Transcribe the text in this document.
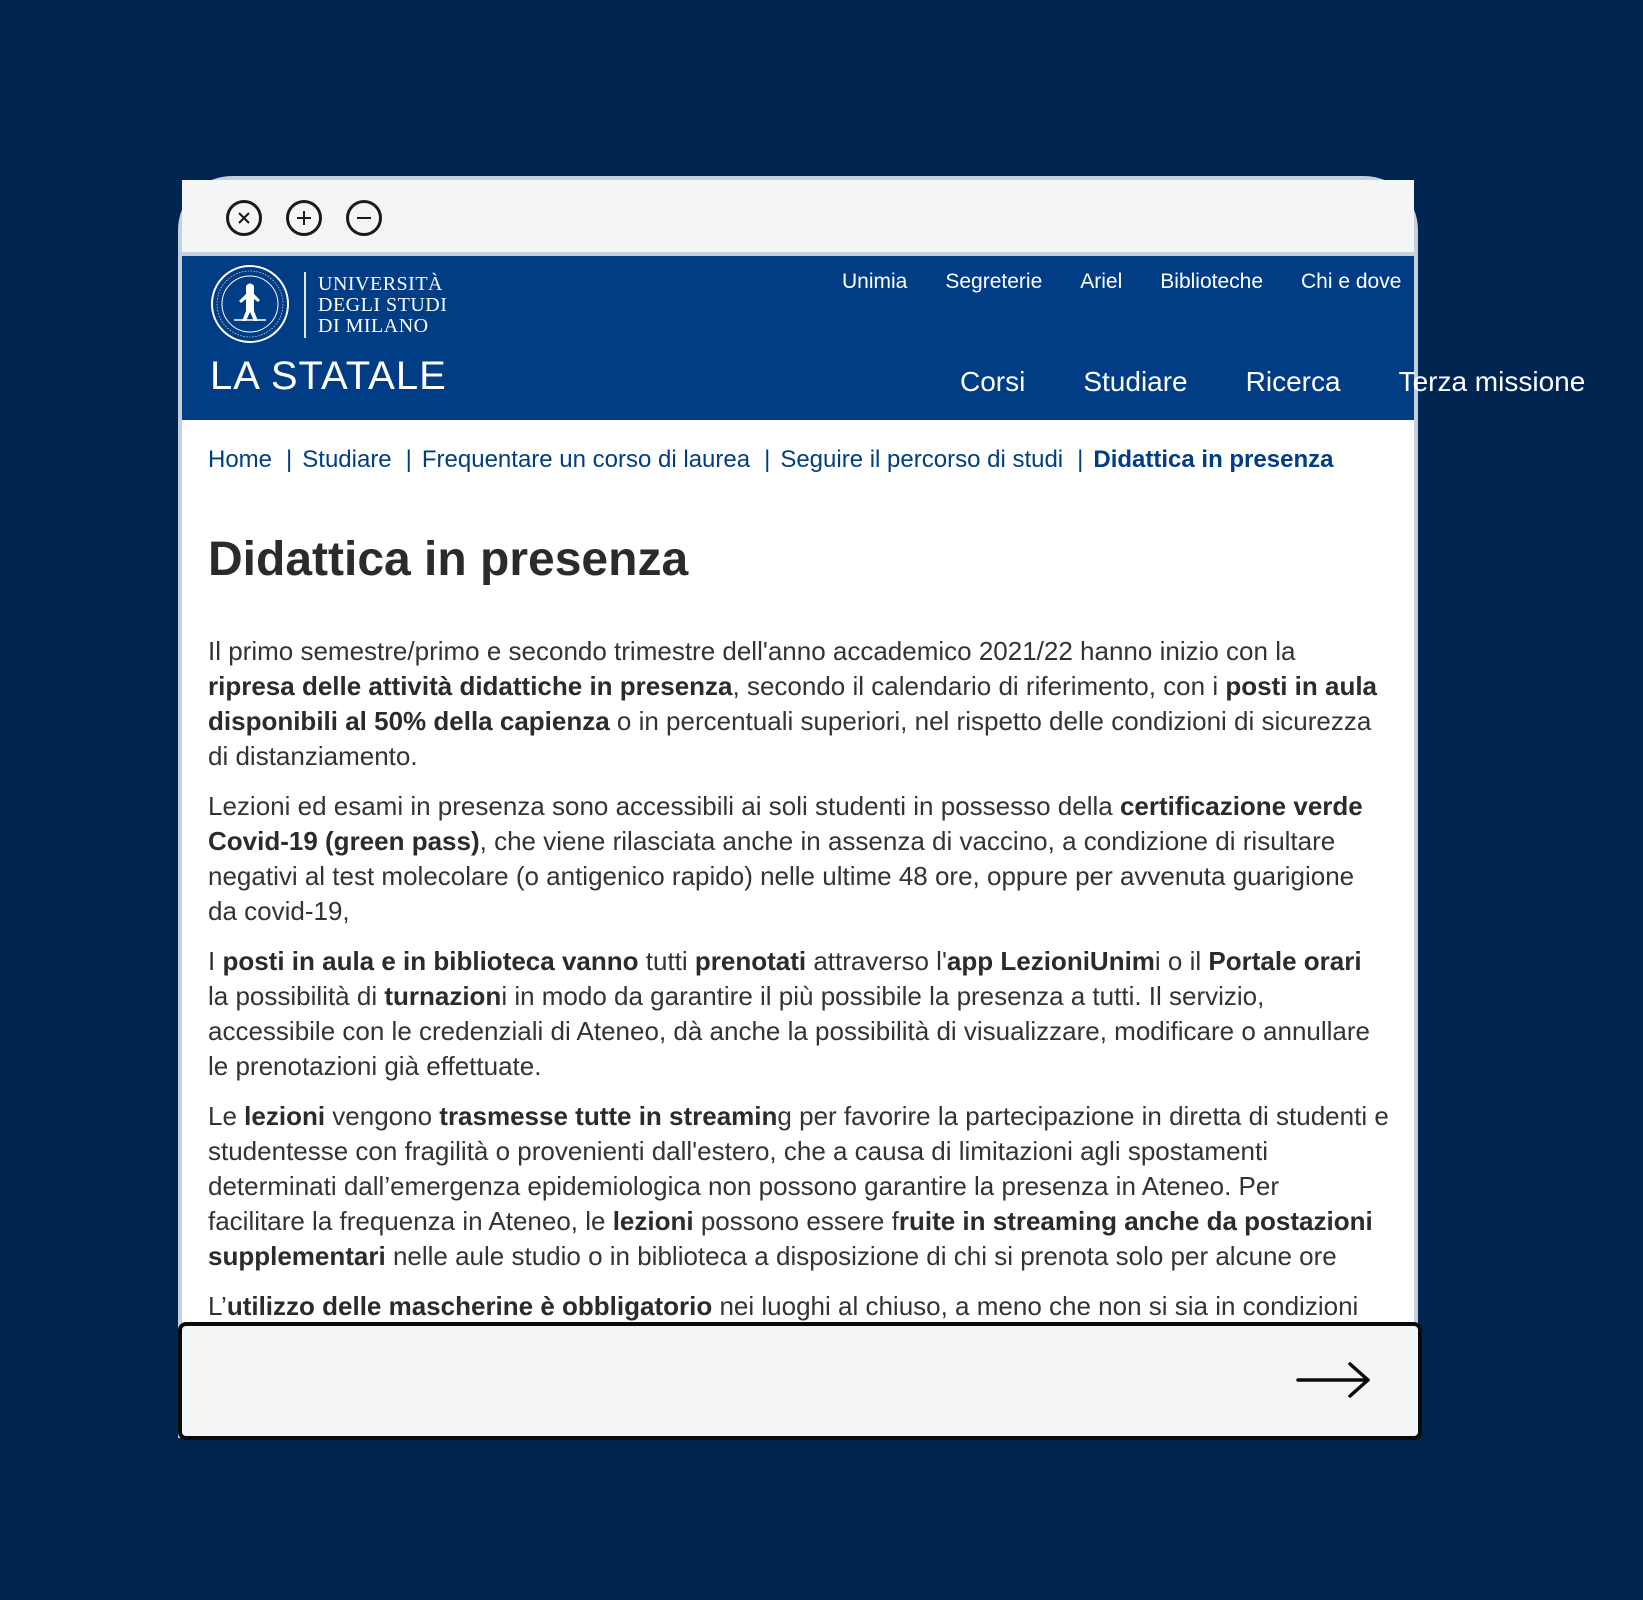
UNIVERSITÀ
DEGLI STUDI
DI MILANO
LA STATALE
Unimia Segreterie Ariel Biblioteche Chi e dove
Corsi Studiare Ricerca Terza missione
Home | Studiare | Frequentare un corso di laurea | Seguire il percorso di studi | Didattica in presenza
Didattica in presenza

Il primo semestre/primo e secondo trimestre dell'anno accademico 2021/22 hanno inizio con la
ripresa delle attività didattiche in presenza, secondo il calendario di riferimento, con i posti in aula
disponibili al 50% della capienza o in percentuali superiori, nel rispetto delle condizioni di sicurezza
di distanziamento.

Lezioni ed esami in presenza sono accessibili ai soli studenti in possesso della certificazione verde
Covid-19 (green pass), che viene rilasciata anche in assenza di vaccino, a condizione di risultare
negativi al test molecolare (o antigenico rapido) nelle ultime 48 ore, oppure per avvenuta guarigione
da covid-19,

I posti in aula e in biblioteca vanno tutti prenotati attraverso l'app LezioniUnimi o il Portale orari
la possibilità di turnazioni in modo da garantire il più possibile la presenza a tutti. Il servizio,
accessibile con le credenziali di Ateneo, dà anche la possibilità di visualizzare, modificare o annullare
le prenotazioni già effettuate.

Le lezioni vengono trasmesse tutte in streaming per favorire la partecipazione in diretta di studenti e
studentesse con fragilità o provenienti dall'estero, che a causa di limitazioni agli spostamenti
determinati dall’emergenza epidemiologica non possono garantire la presenza in Ateneo. Per
facilitare la frequenza in Ateneo, le lezioni possono essere fruite in streaming anche da postazioni
supplementari nelle aule studio o in biblioteca a disposizione di chi si prenota solo per alcune ore

L’utilizzo delle mascherine è obbligatorio nei luoghi al chiuso, a meno che non si sia in condizioni
